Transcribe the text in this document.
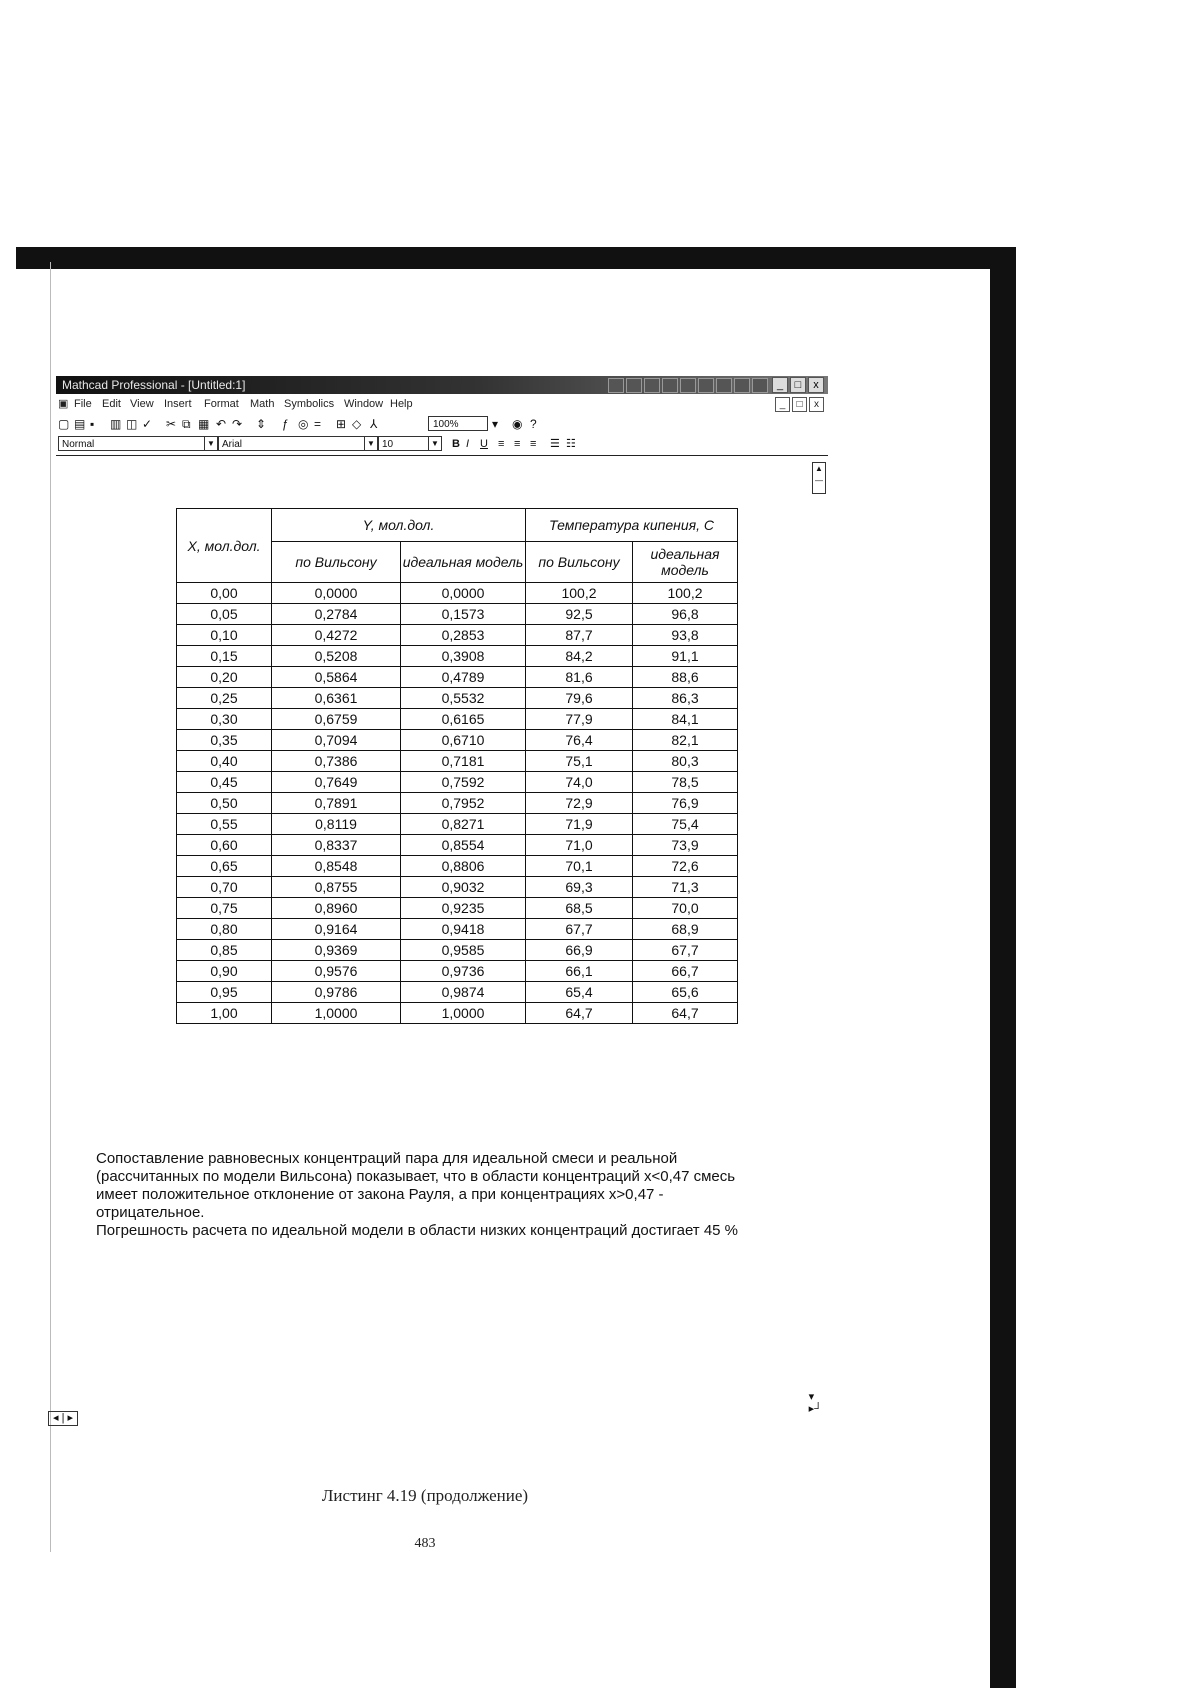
Mathcad Professional - [Untitled:1]	_	□	x
▣ File Edit View Insert Format Math Symbolics Window Help	_	□	x
▢ ▤ ▪ ▥ ◫ ✓ ✂ ⧉ ▦ ↶ ↷ ⇕ ƒ ◎ = ⊞ ◇ ⅄	100%	▾ ◉ ?
Normal	▼ Arial	▼ 10	▼ B I U ≡ ≡ ≡ ☰ ☷
▲
—
X, мол.дол.	Y, мол.дол.		Температура кипения, С	
	по Вильсону	идеальная модель	по Вильсону	идеальная модель
0,00	0,0000	0,0000	100,2	100,2
0,05	0,2784	0,1573	92,5	96,8
0,10	0,4272	0,2853	87,7	93,8
0,15	0,5208	0,3908	84,2	91,1
0,20	0,5864	0,4789	81,6	88,6
0,25	0,6361	0,5532	79,6	86,3
0,30	0,6759	0,6165	77,9	84,1
0,35	0,7094	0,6710	76,4	82,1
0,40	0,7386	0,7181	75,1	80,3
0,45	0,7649	0,7592	74,0	78,5
0,50	0,7891	0,7952	72,9	76,9
0,55	0,8119	0,8271	71,9	75,4
0,60	0,8337	0,8554	71,0	73,9
0,65	0,8548	0,8806	70,1	72,6
0,70	0,8755	0,9032	69,3	71,3
0,75	0,8960	0,9235	68,5	70,0
0,80	0,9164	0,9418	67,7	68,9
0,85	0,9369	0,9585	66,9	67,7
0,90	0,9576	0,9736	66,1	66,7
0,95	0,9786	0,9874	65,4	65,6
1,00	1,0000	1,0000	64,7	64,7

Сопоставление равновесных концентраций пара для идеальной смеси и реальной (рассчитанных по модели Вильсона) показывает, что в области концентраций x<0,47 смесь имеет положительное отклонение от закона Рауля, а при концентрациях x>0,47 - отрицательное.

Погрешность расчета по идеальной модели в области низких концентраций достигает 45 %

◂ | ▸
▾
▸┘
Листинг 4.19 (продолжение)
483
